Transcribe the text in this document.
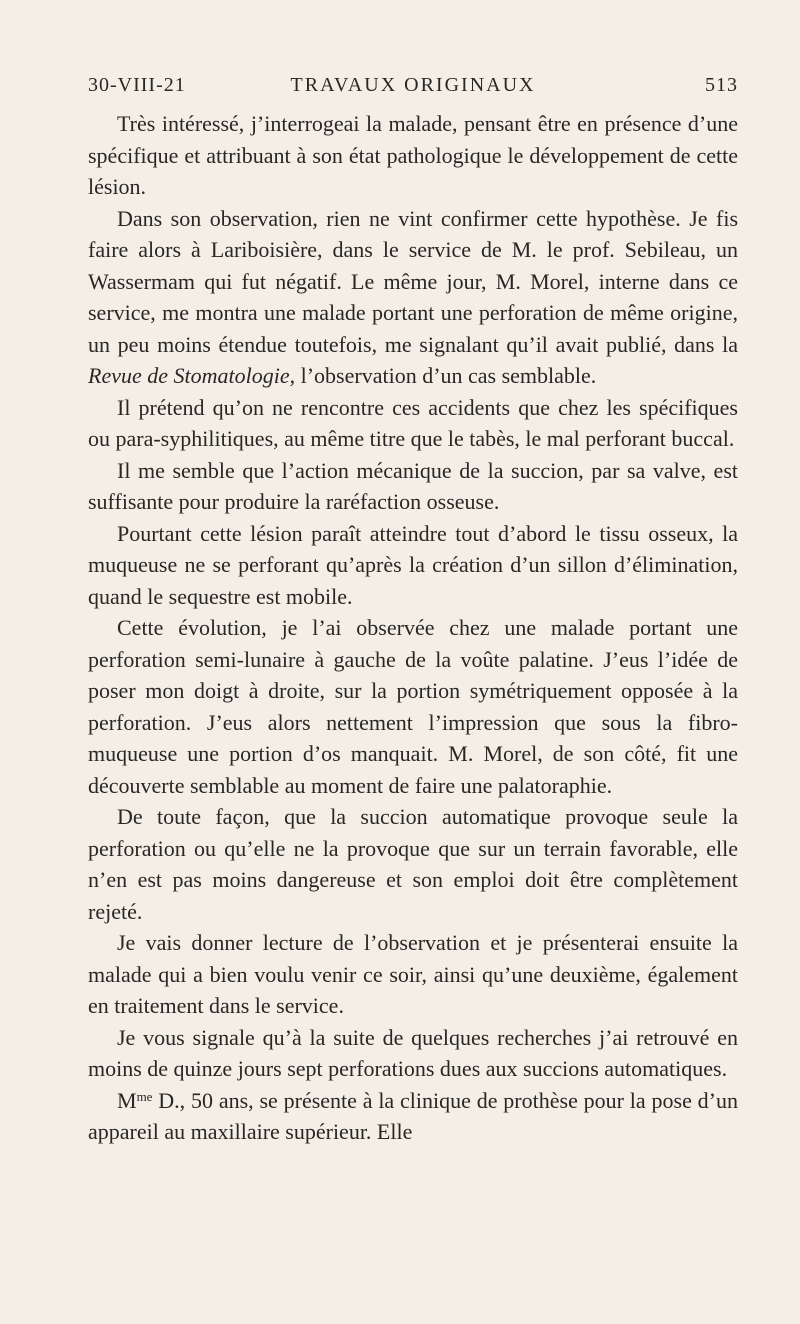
30-VIII-21	TRAVAUX ORIGINAUX	513

Très intéressé, j’interrogeai la malade, pensant être en présence d’une spécifique et attribuant à son état pathologique le développement de cette lésion.

Dans son observation, rien ne vint confirmer cette hypothèse. Je fis faire alors à Lariboisière, dans le service de M. le prof. Sebileau, un Wassermam qui fut négatif. Le même jour, M. Morel, interne dans ce service, me montra une malade portant une perforation de même origine, un peu moins étendue toutefois, me signalant qu’il avait publié, dans la Revue de Stomatologie, l’observation d’un cas semblable.

Il prétend qu’on ne rencontre ces accidents que chez les spécifiques ou para-syphilitiques, au même titre que le tabès, le mal perforant buccal.

Il me semble que l’action mécanique de la succion, par sa valve, est suffisante pour produire la raréfaction osseuse.

Pourtant cette lésion paraît atteindre tout d’abord le tissu osseux, la muqueuse ne se perforant qu’après la création d’un sillon d’élimination, quand le sequestre est mobile.

Cette évolution, je l’ai observée chez une malade portant une perforation semi-lunaire à gauche de la voûte palatine. J’eus l’idée de poser mon doigt à droite, sur la portion symétriquement opposée à la perforation. J’eus alors nettement l’impression que sous la fibro-muqueuse une portion d’os manquait. M. Morel, de son côté, fit une découverte semblable au moment de faire une palatoraphie.

De toute façon, que la succion automatique provoque seule la perforation ou qu’elle ne la provoque que sur un terrain favorable, elle n’en est pas moins dangereuse et son emploi doit être complètement rejeté.

Je vais donner lecture de l’observation et je présenterai ensuite la malade qui a bien voulu venir ce soir, ainsi qu’une deuxième, également en traitement dans le service.

Je vous signale qu’à la suite de quelques recherches j’ai retrouvé en moins de quinze jours sept perforations dues aux succions automatiques.

$M^{me}$ D., 50 ans, se présente à la clinique de prothèse pour la pose d’un appareil au maxillaire supérieur. Elle
